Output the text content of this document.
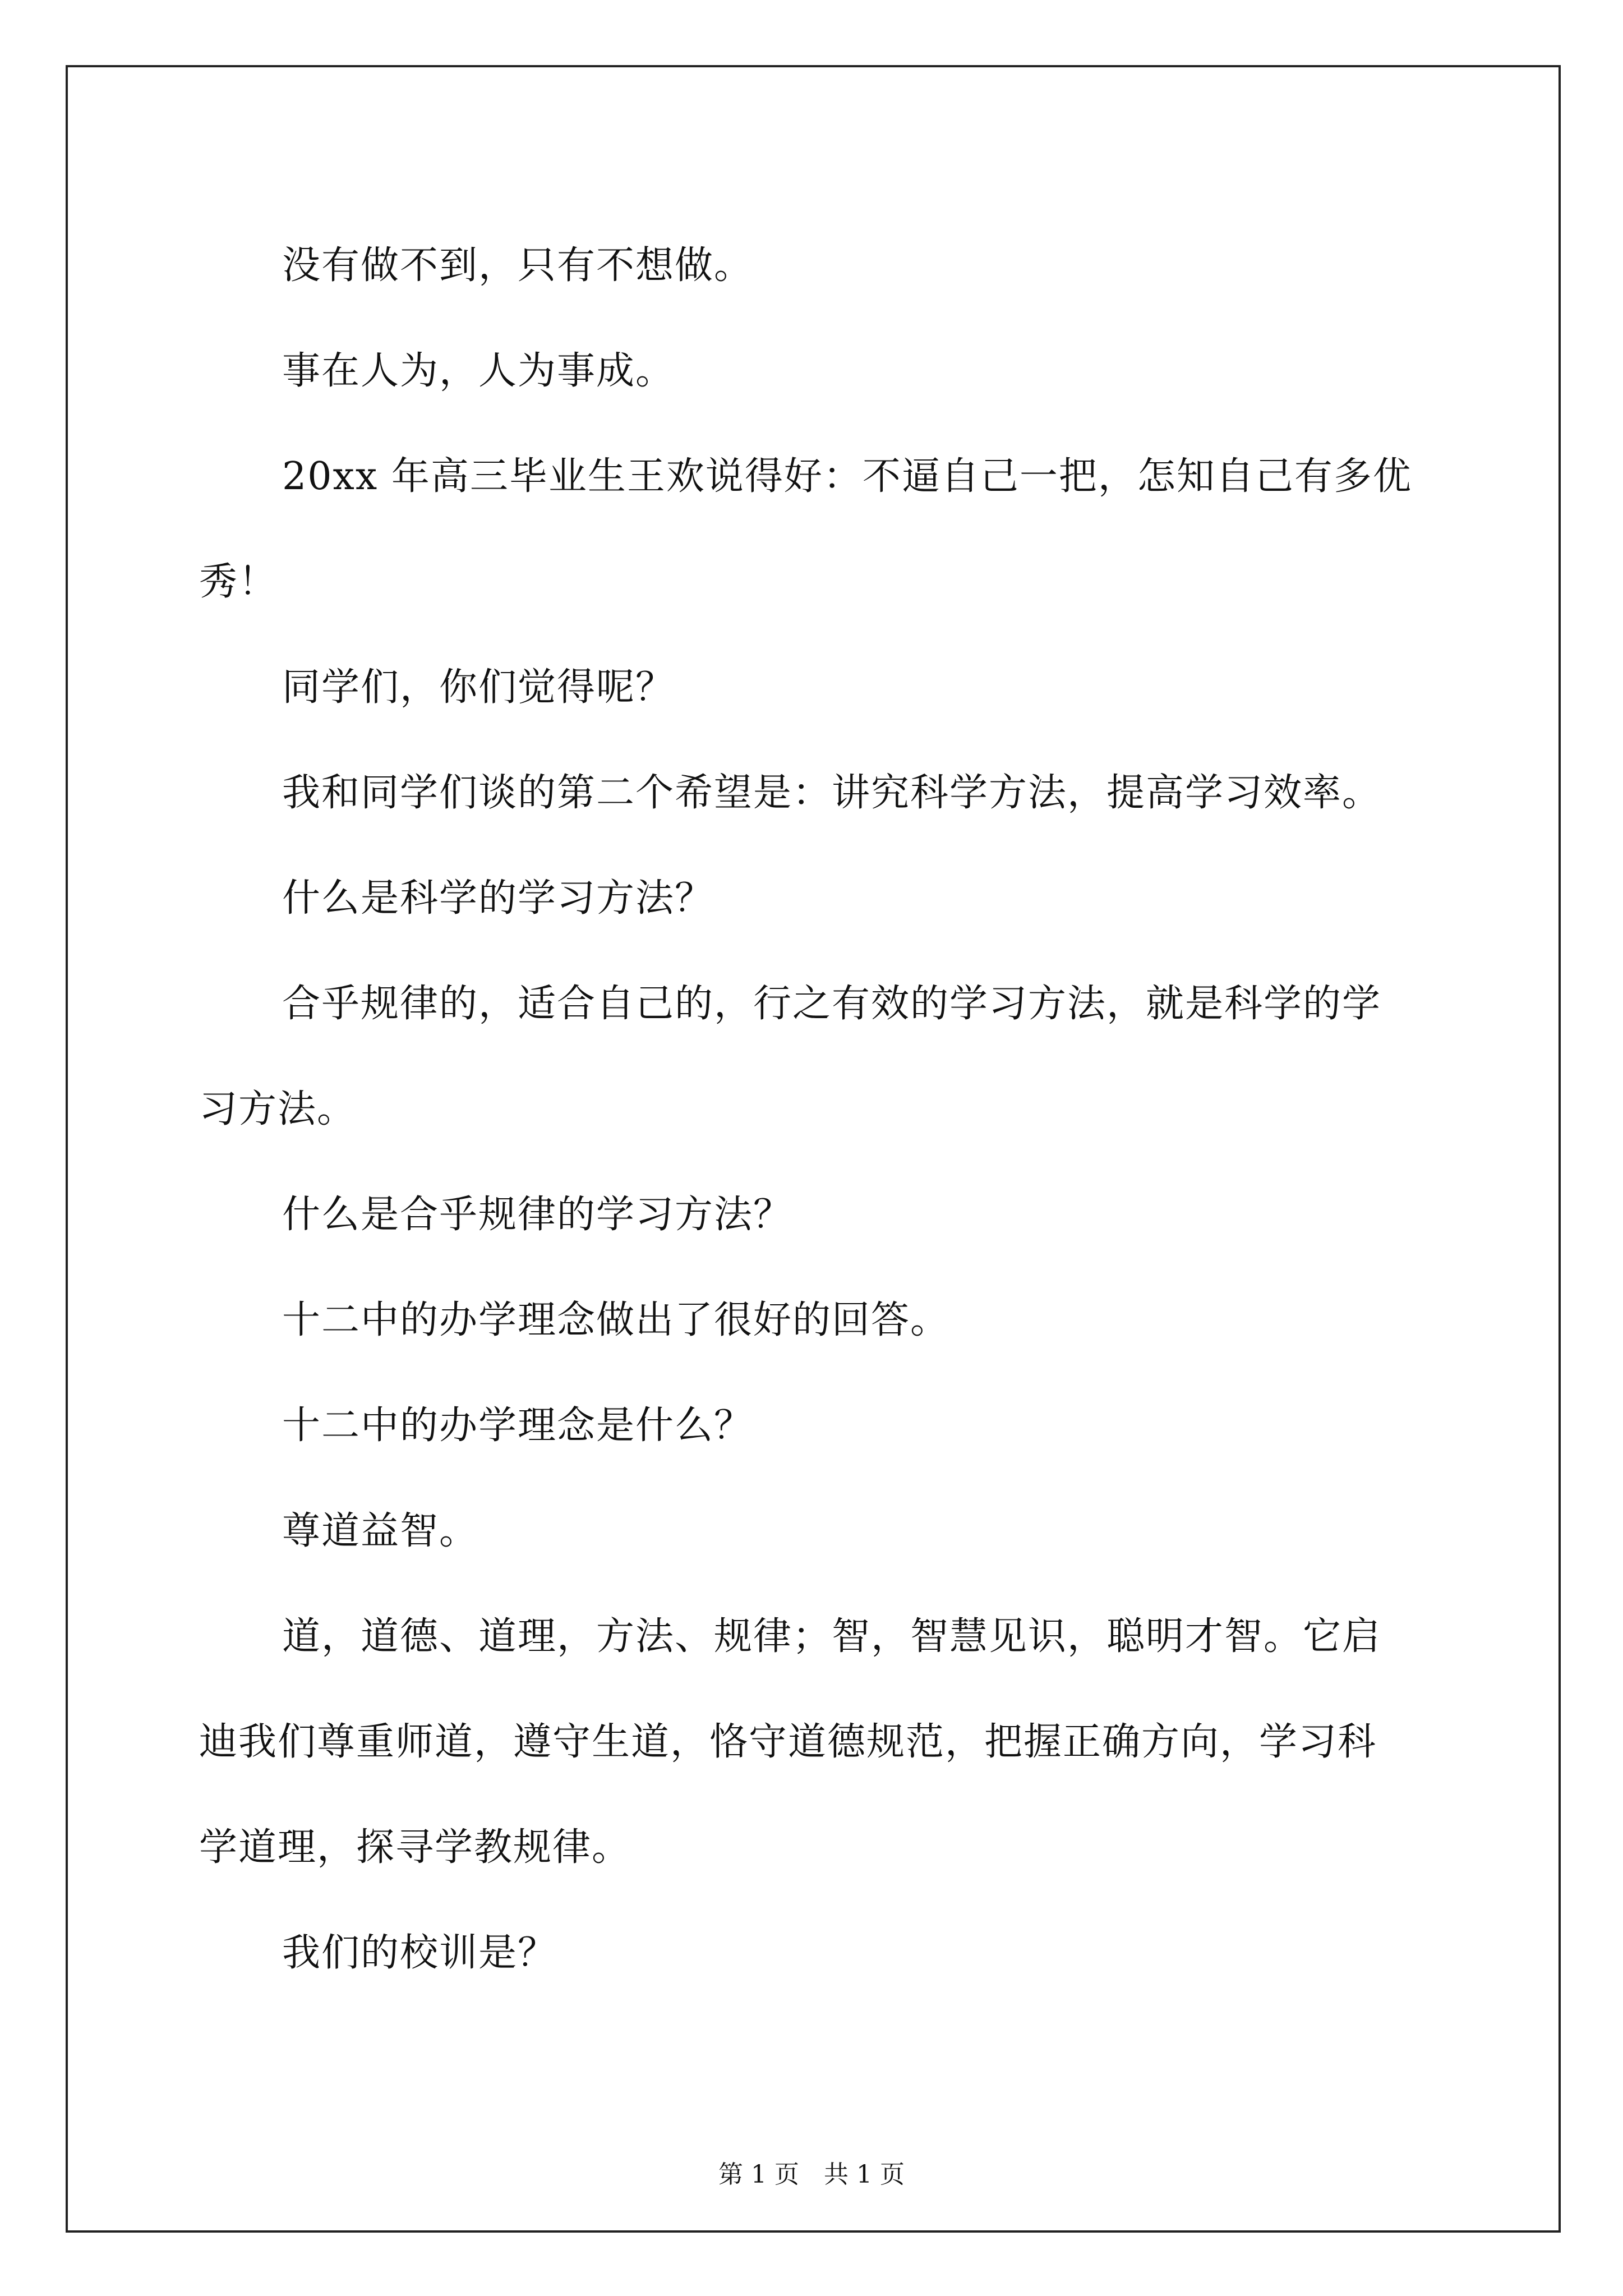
没有做不到，只有不想做。

事在人为，人为事成。

20xx 年高三毕业生王欢说得好：不逼自己一把，怎知自己有多优

秀！

同学们，你们觉得呢？

我和同学们谈的第二个希望是：讲究科学方法，提高学习效率。

什么是科学的学习方法？

合乎规律的，适合自己的，行之有效的学习方法，就是科学的学

习方法。

什么是合乎规律的学习方法？

十二中的办学理念做出了很好的回答。

十二中的办学理念是什么？

尊道益智。

道，道德、道理，方法、规律；智，智慧见识，聪明才智。它启

迪我们尊重师道，遵守生道，恪守道德规范，把握正确方向，学习科

学道理，探寻学教规律。

我们的校训是？

第 1 页　共 1 页
